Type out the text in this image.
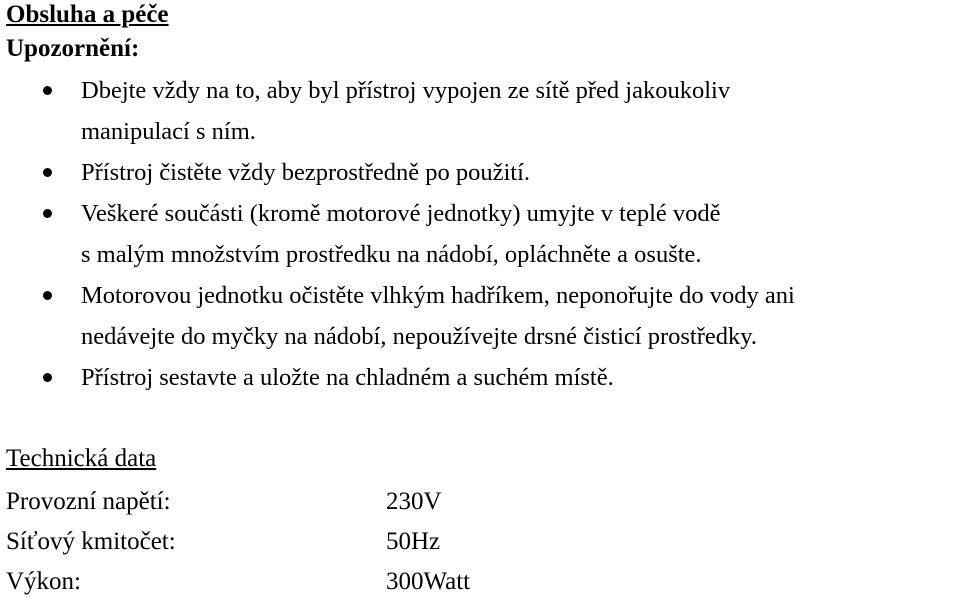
Obsluha a péče
Upozornění:
Dbejte vždy na to, aby byl přístroj vypojen ze sítě před jakoukoliv
manipulací s ním.
Přístroj čistěte vždy bezprostředně po použití.
Veškeré součásti (kromě motorové jednotky) umyjte v teplé vodě
s malým množstvím prostředku na nádobí, opláchněte a osušte.
Motorovou jednotku očistěte vlhkým hadříkem, neponořujte do vody ani
nedávejte do myčky na nádobí, nepoužívejte drsné čisticí prostředky.
Přístroj sestavte a uložte na chladném a suchém místě.
Technická data
Provozní napětí:	230V
Síťový kmitočet:	50Hz
Výkon:	300Watt
